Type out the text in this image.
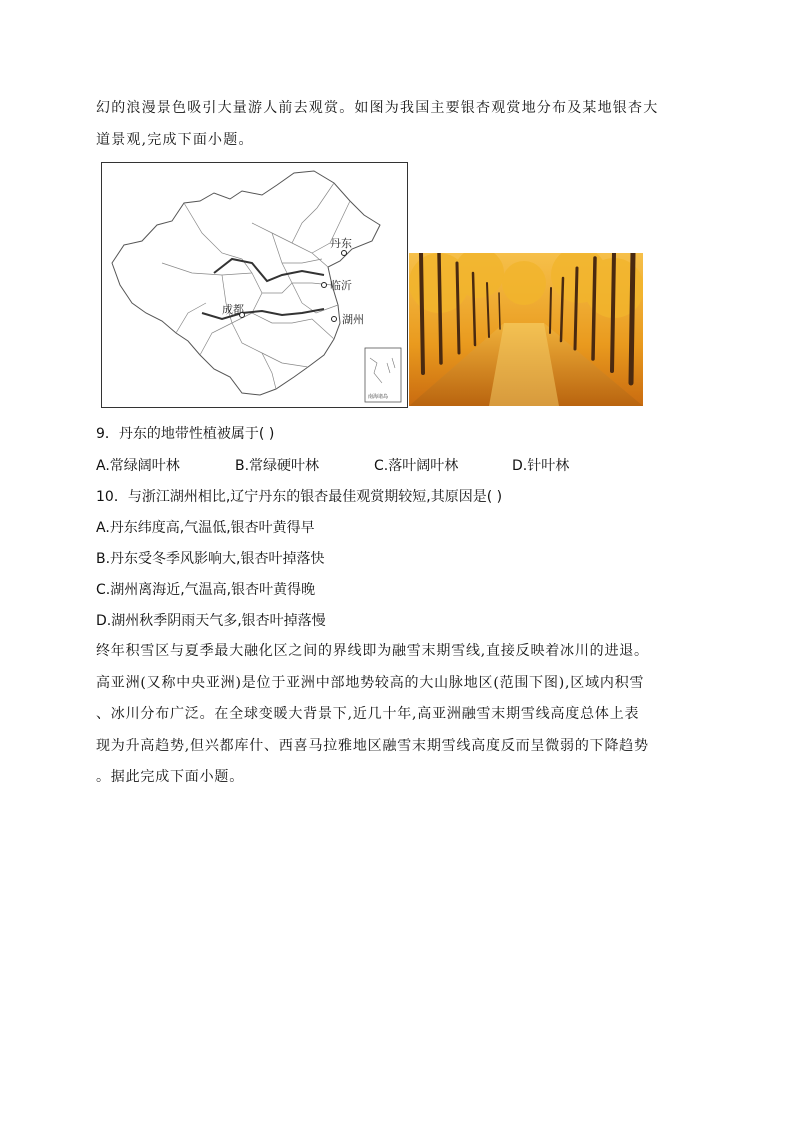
幻的浪漫景色吸引大量游人前去观赏。如图为我国主要银杏观赏地分布及某地银杏大

道景观,完成下面小题。

丹东
临沂
成都
湖州
南海诸岛
9．丹东的地带性植被属于( )
A.常绿阔叶林	B.常绿硬叶林	C.落叶阔叶林	D.针叶林
10．与浙江湖州相比,辽宁丹东的银杏最佳观赏期较短,其原因是( )
A.丹东纬度高,气温低,银杏叶黄得早
B.丹东受冬季风影响大,银杏叶掉落快
C.湖州离海近,气温高,银杏叶黄得晚
D.湖州秋季阴雨天气多,银杏叶掉落慢

终年积雪区与夏季最大融化区之间的界线即为融雪末期雪线,直接反映着冰川的进退。

高亚洲(又称中央亚洲)是位于亚洲中部地势较高的大山脉地区(范围下图),区域内积雪

、冰川分布广泛。在全球变暖大背景下,近几十年,高亚洲融雪末期雪线高度总体上表

现为升高趋势,但兴都库什、西喜马拉雅地区融雪末期雪线高度反而呈微弱的下降趋势

。据此完成下面小题。
